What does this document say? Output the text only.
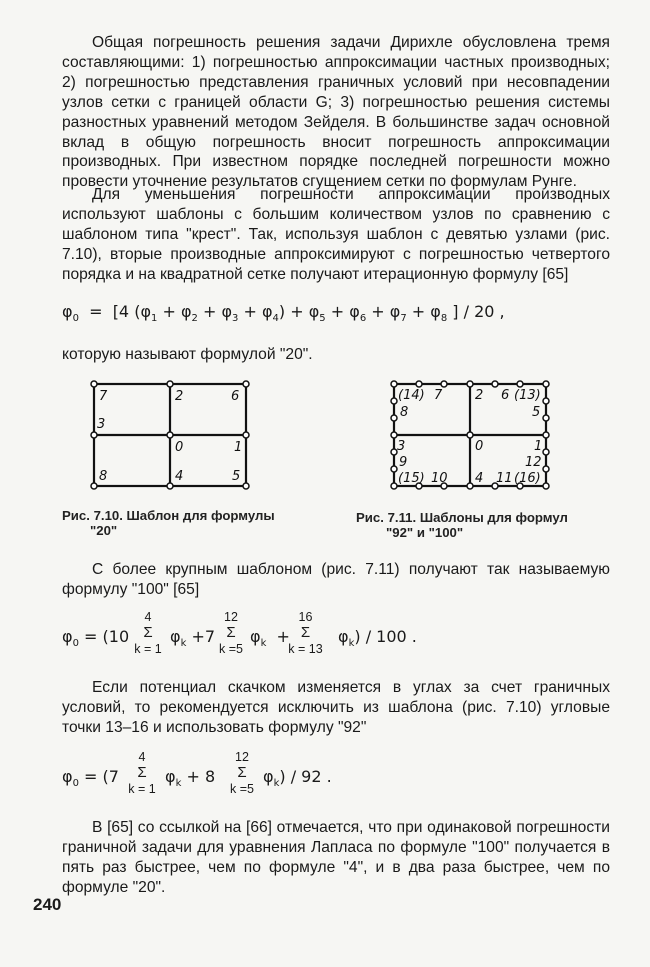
Общая погрешность решения задачи Дирихле обусловлена тремя составляющими: 1) погрешностью аппроксимации частных производных; 2) погрешностью представления граничных условий при несовпадении узлов сетки с границей области G; 3) погрешностью решения системы разностных уравнений методом Зейделя. В большинстве задач основной вклад в общую погрешность вносит погрешность аппроксимации производных. При известном порядке последней погрешности можно провести уточнение результатов сгущением сетки по формулам Рунге.
Для уменьшения погрешности аппроксимации производных используют шаблоны с большим количеством узлов по сравнению с шаблоном типа "крест". Так, используя шаблон с девятью узлами (рис. 7.10), вторые производные аппроксимируют с погрешностью четвертого порядка и на квадратной сетке получают итерационную формулу [65]
$\varphi_0 = [4$ $(\varphi_1 + \varphi_2 + \varphi_3 + \varphi_4) + \varphi_5 + \varphi_6 + \varphi_7 + \varphi_8$ ] / 20 ,
которую называют формулой "20".
7	2	6
3
0	1
8	4	5
Рис. 7.10. Шаблон для формулы
"20"
(14) 7	2 6 (13)
8	5
3	0	1
9	12
(15) 10 4 11 (16)
Рис. 7.11. Шаблоны для формул
"92" и "100"
С более крупным шаблоном (рис. 7.11) получают так называемую формулу "100" [65]
$\varphi_0 = (10$
4
Σ
k = 1
$\varphi_k +7$
12
Σ
k =5
$\varphi_k$ +
16
Σ
k = 13
$\varphi_k) / 100$ .
Если потенциал скачком изменяется в углах за счет граничных условий, то рекомендуется исключить из шаблона (рис. 7.10) угловые точки 13–16 и использовать формулу "92"
$\varphi_0 = (7$
4
Σ
k = 1
$\varphi_k + 8$
12
Σ
k =5
$\varphi_k) / 92$ .
В [65] со ссылкой на [66] отмечается, что при одинаковой погрешности граничной задачи для уравнения Лапласа по формуле "100" получается в пять раз быстрее, чем по формуле "4", и в два раза быстрее, чем по формуле "20".
240
